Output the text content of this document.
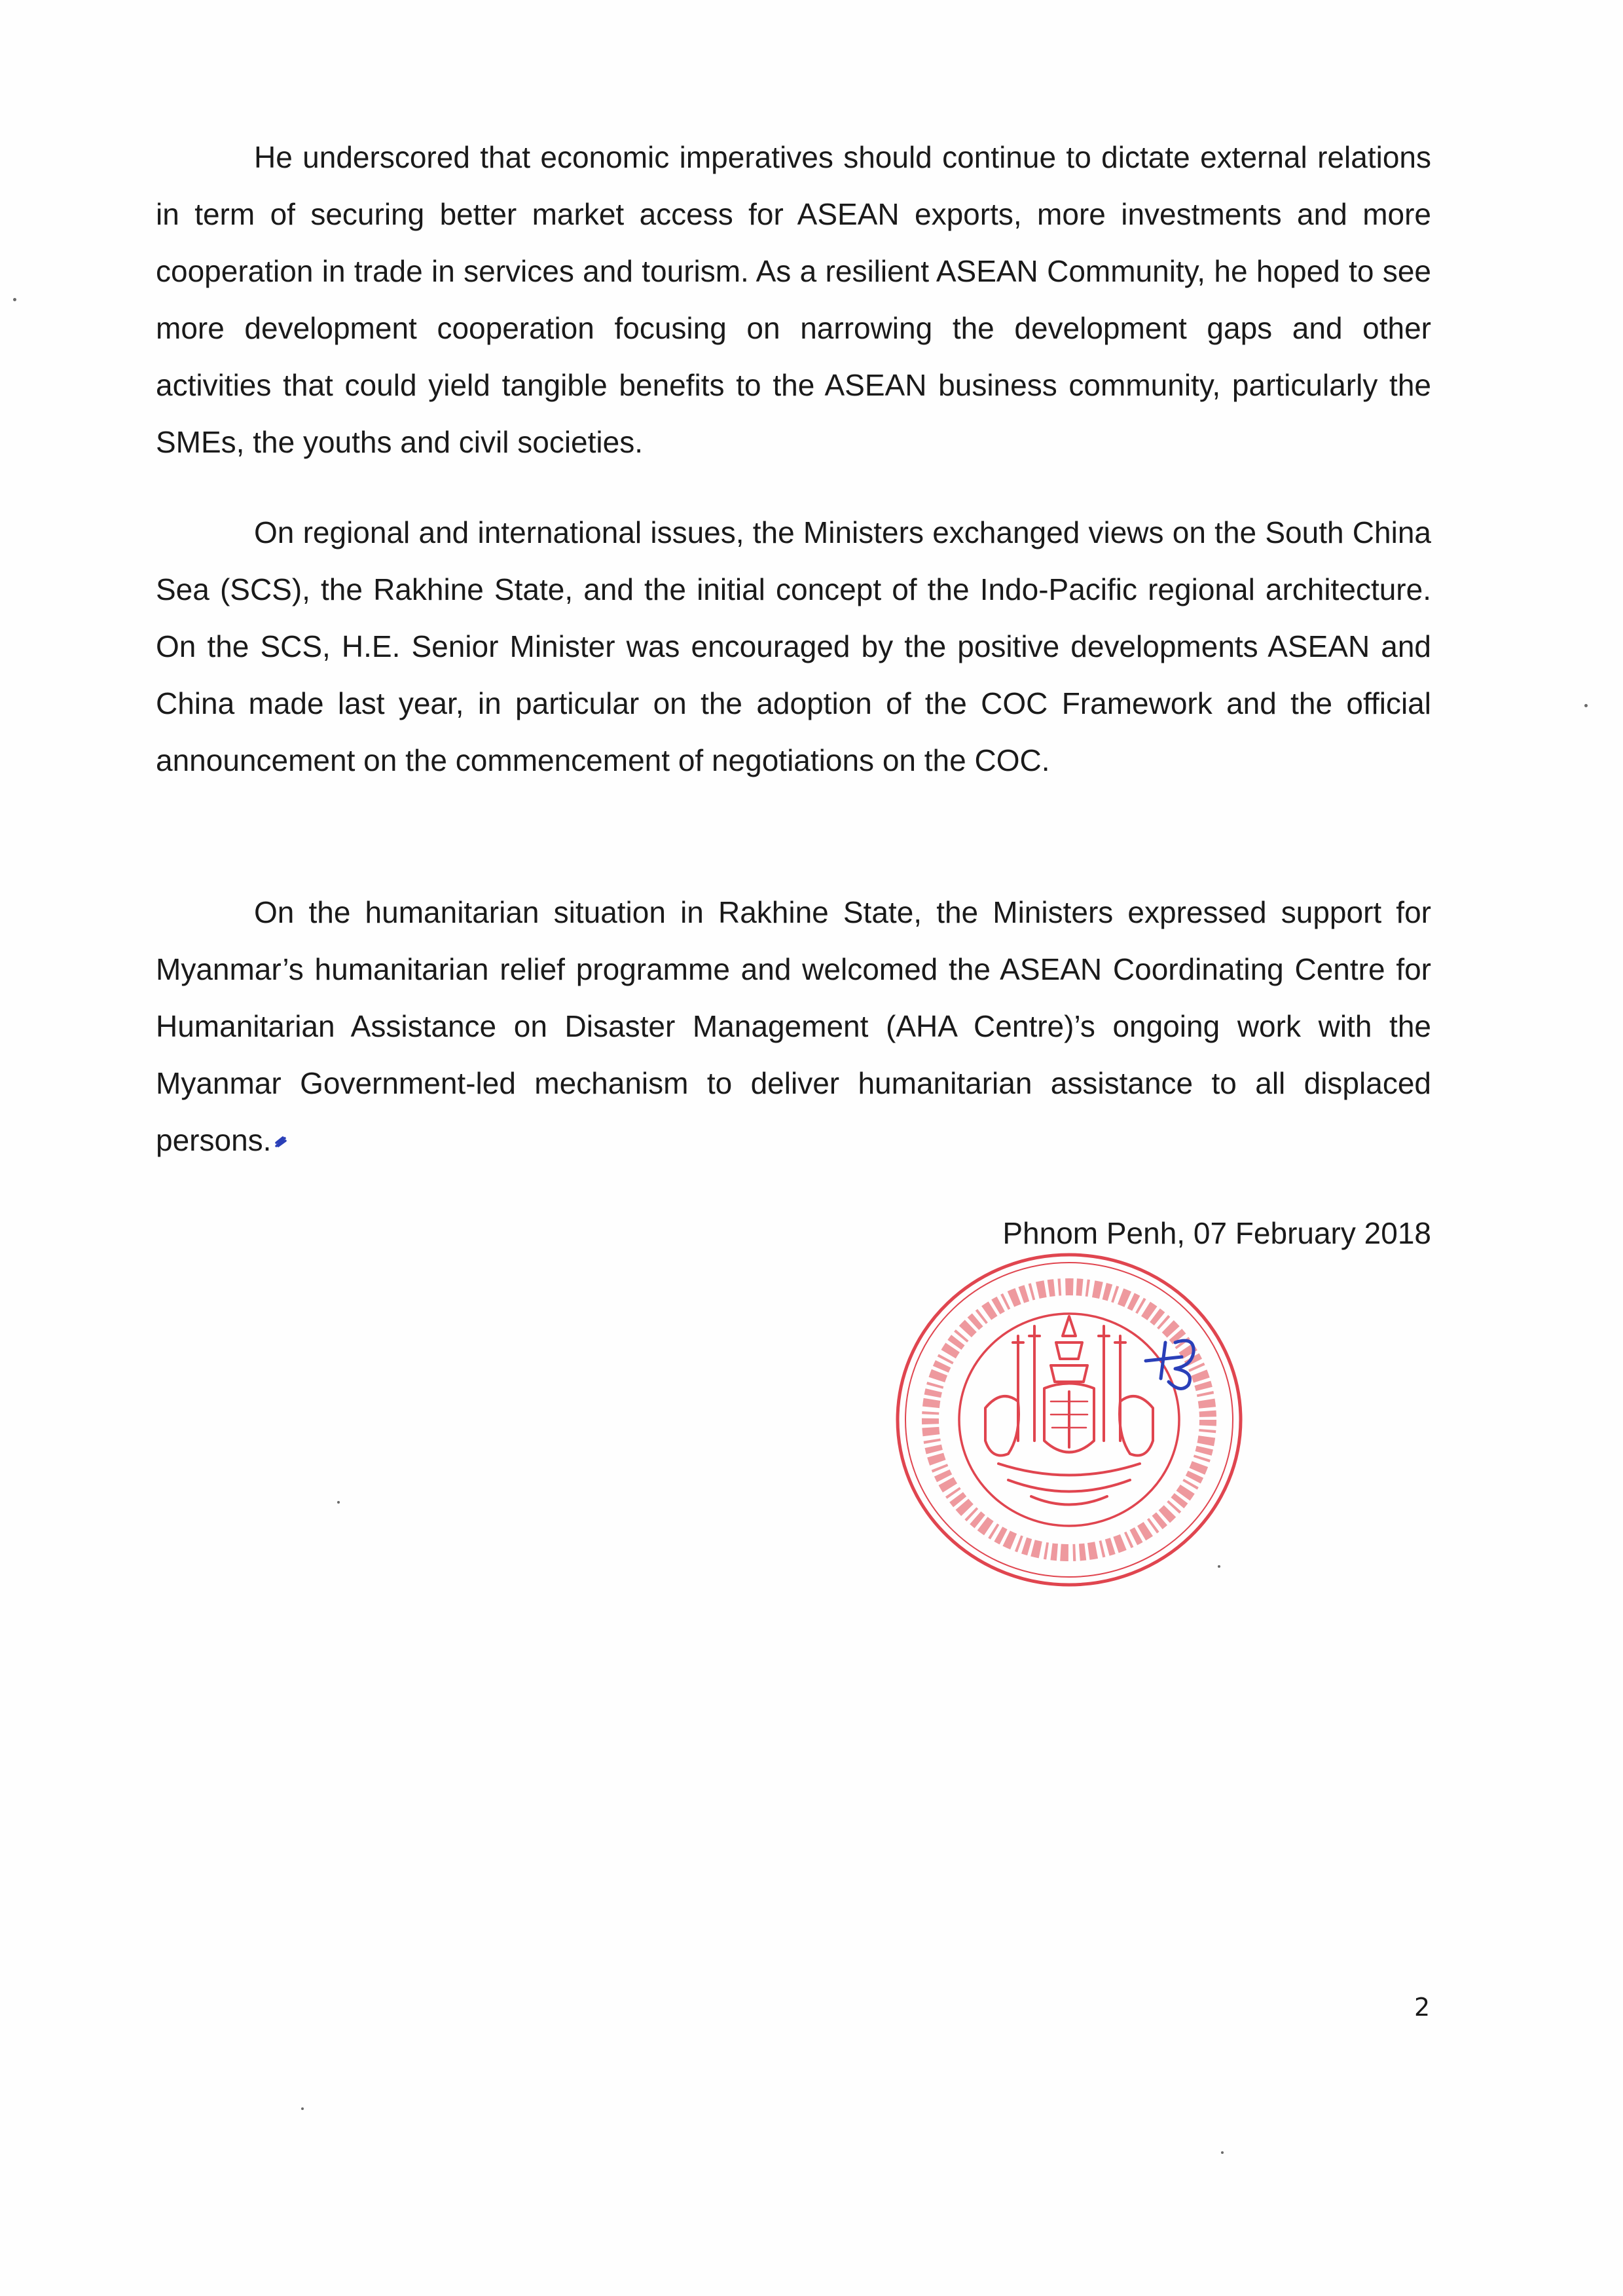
He underscored that economic imperatives should continue to dictate external relations in term of securing better market access for ASEAN exports, more investments and more cooperation in trade in services and tourism. As a resilient ASEAN Community, he hoped to see more development cooperation focusing on narrowing the development gaps and other activities that could yield tangible benefits to the ASEAN business community, particularly the SMEs, the youths and civil societies.

On regional and international issues, the Ministers exchanged views on the South China Sea (SCS), the Rakhine State, and the initial concept of the Indo-Pacific regional architecture. On the SCS, H.E. Senior Minister was encouraged by the positive developments ASEAN and China made last year, in particular on the adoption of the COC Framework and the official announcement on the commencement of negotiations on the COC.

On the humanitarian situation in Rakhine State, the Ministers expressed support for Myanmar’s humanitarian relief programme and welcomed the ASEAN Coordinating Centre for Humanitarian Assistance on Disaster Management (AHA Centre)’s ongoing work with the Myanmar Government-led mechanism to deliver humanitarian assistance to all displaced persons.

Phnom Penh, 07 February 2018

2
